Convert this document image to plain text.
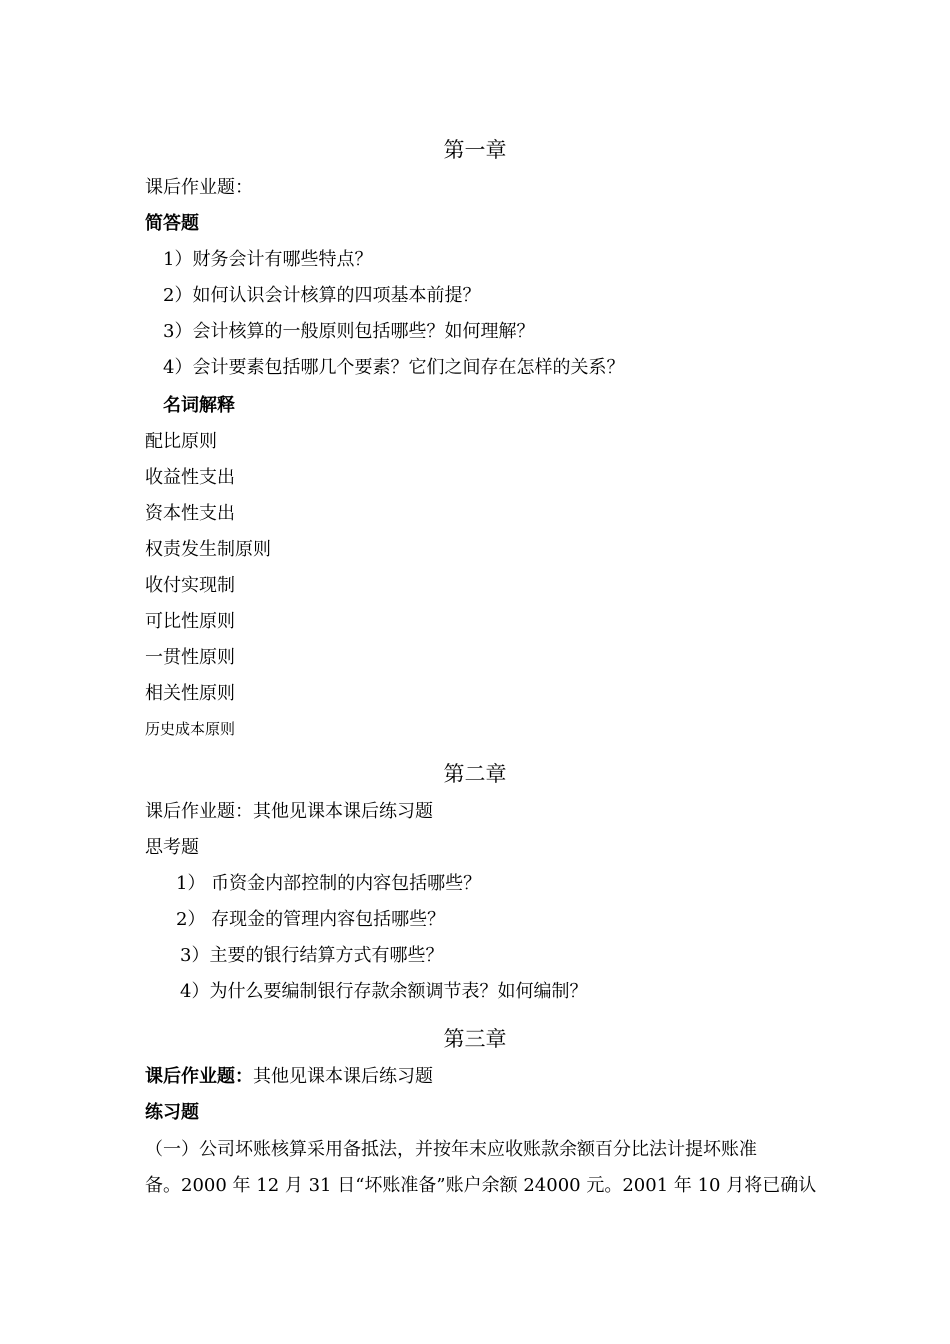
第一章
课后作业题：
简答题
1）财务会计有哪些特点？
2）如何认识会计核算的四项基本前提？
3）会计核算的一般原则包括哪些？如何理解？
4）会计要素包括哪几个要素？它们之间存在怎样的关系？
名词解释
配比原则
收益性支出
资本性支出
权责发生制原则
收付实现制
可比性原则
一贯性原则
相关性原则
历史成本原则
第二章
课后作业题：其他见课本课后练习题
思考题
1） 币资金内部控制的内容包括哪些？
2） 存现金的管理内容包括哪些？
3）主要的银行结算方式有哪些？
4）为什么要编制银行存款余额调节表？如何编制？
第三章
课后作业题：其他见课本课后练习题
练习题
（一）公司坏账核算采用备抵法，并按年末应收账款余额百分比法计提坏账准
备。2000 年 12 月 31 日“坏账准备”账户余额 24000 元。2001 年 10 月将已确认
